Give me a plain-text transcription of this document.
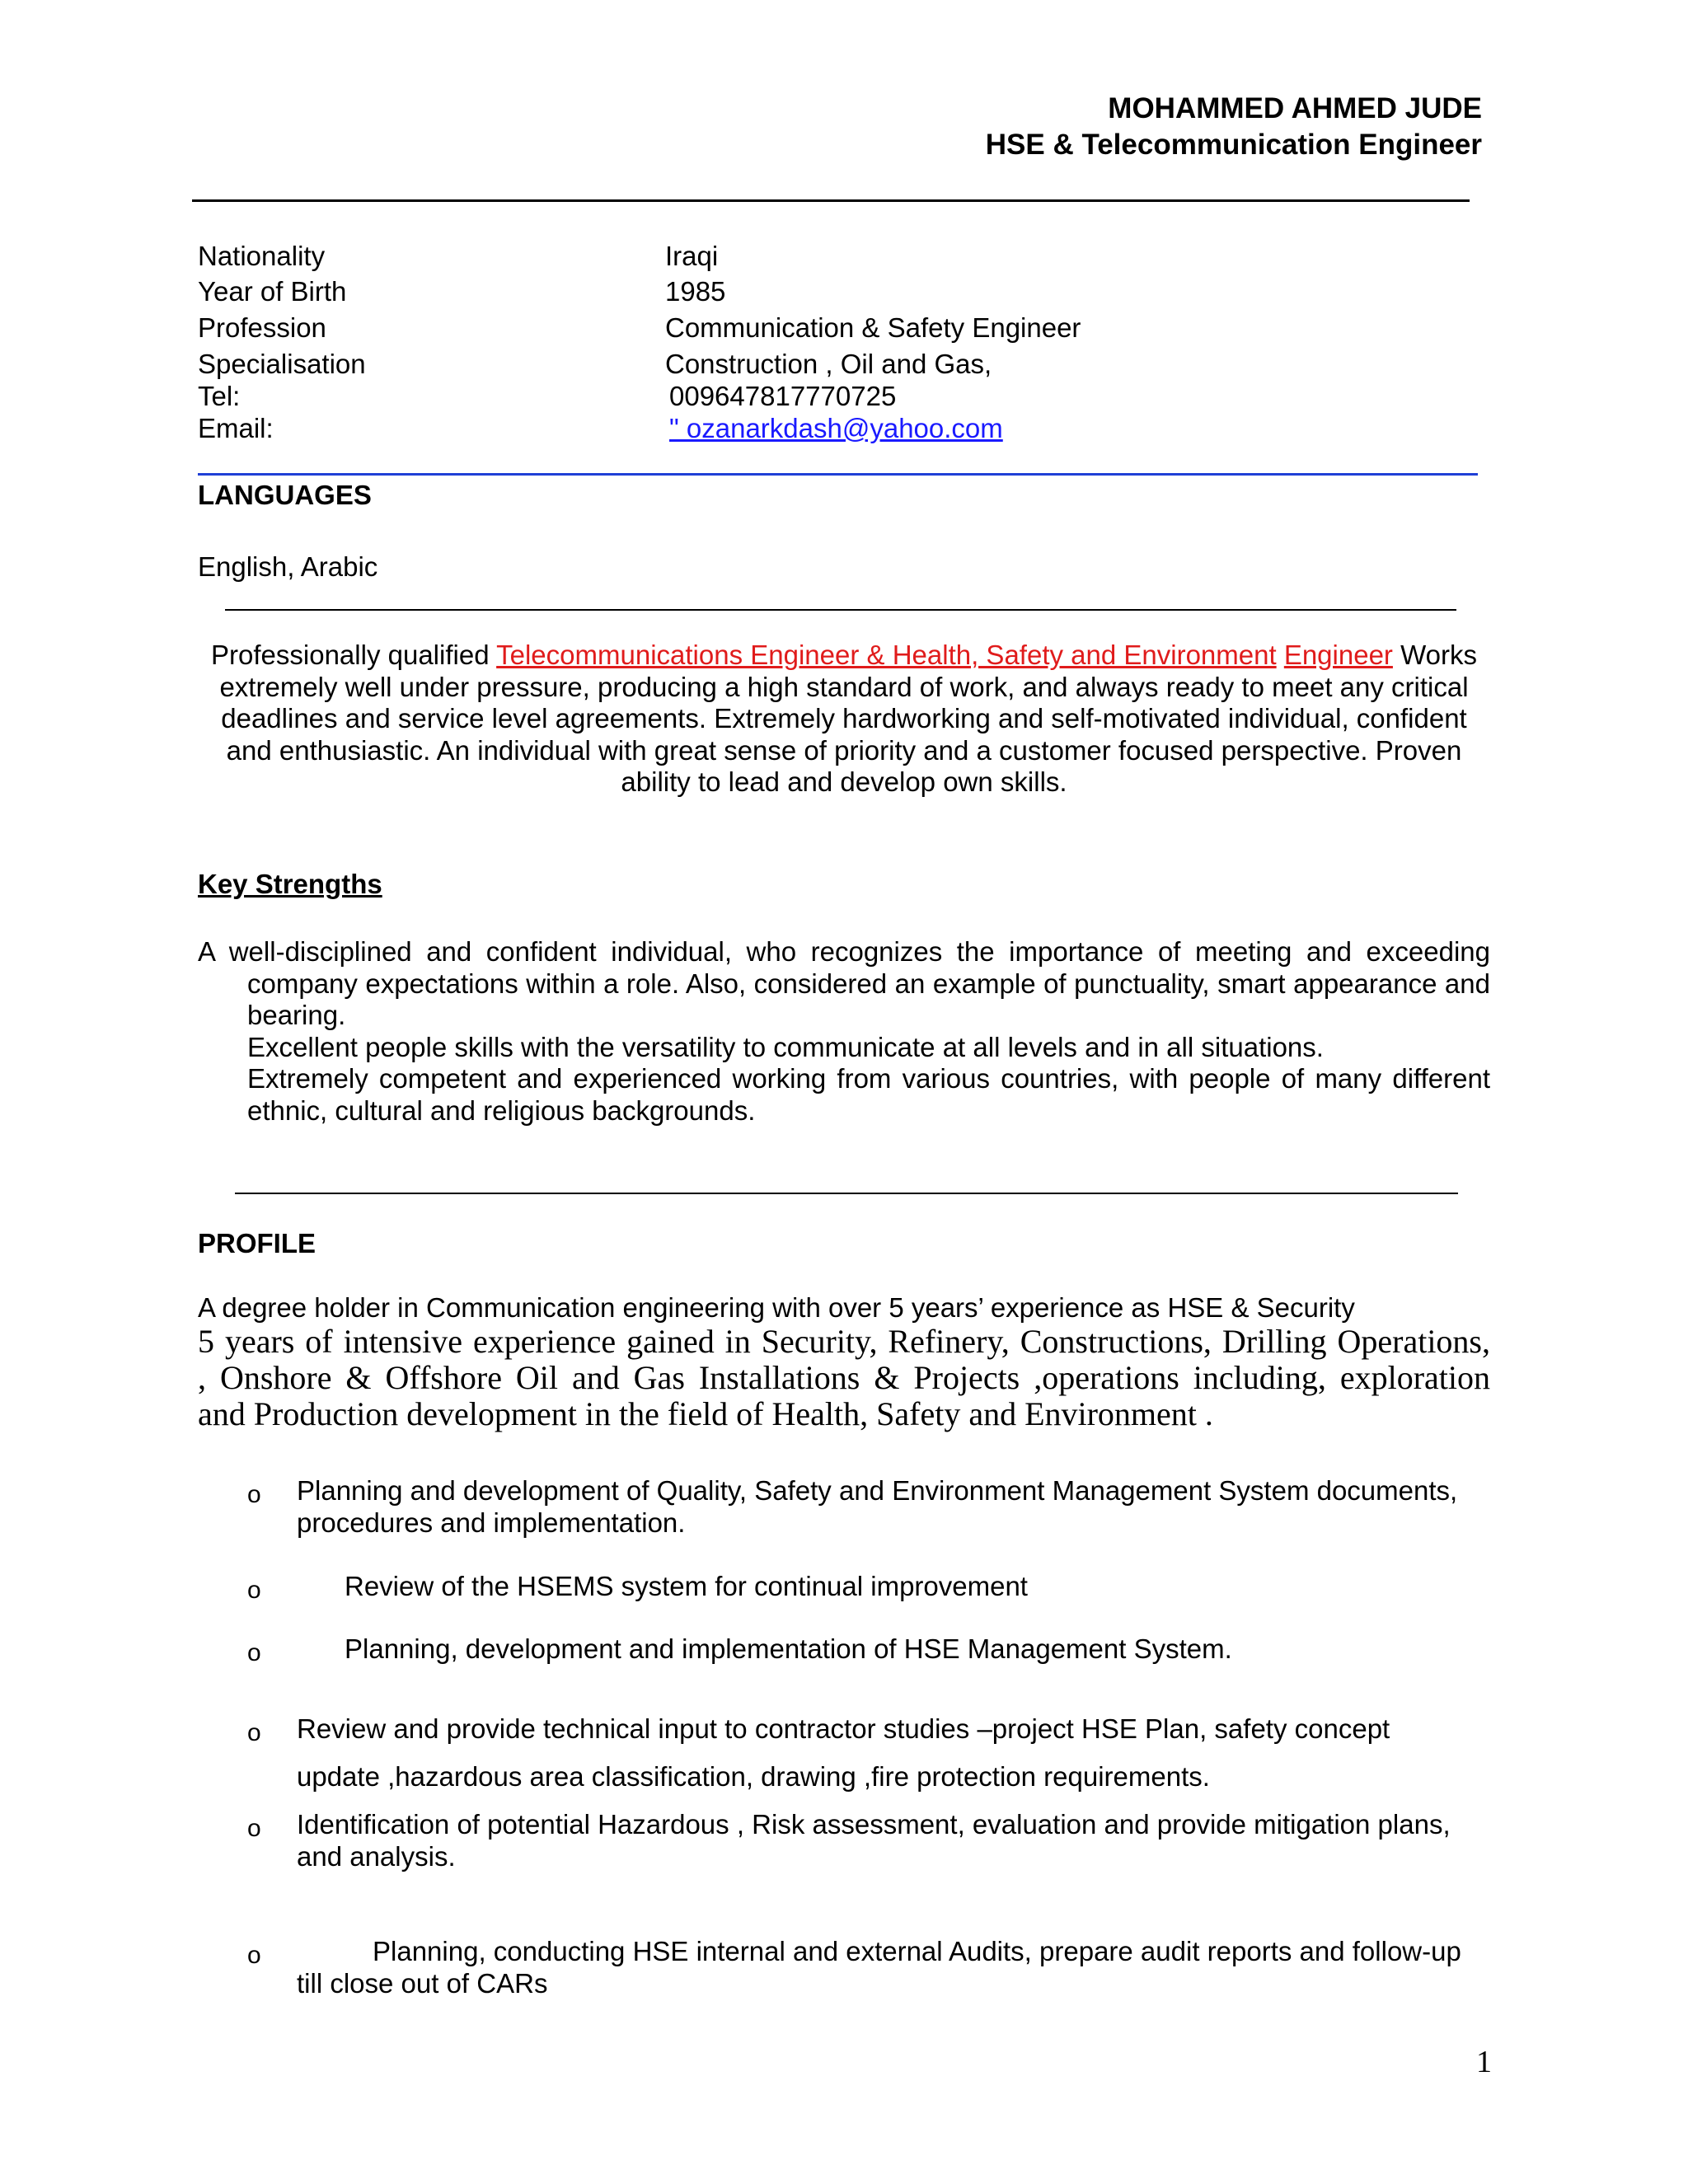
MOHAMMED AHMED JUDE
HSE & Telecommunication Engineer
Nationality	Iraqi
Year of Birth	1985
Profession	Communication & Safety Engineer
Specialisation	Construction , Oil and Gas,
Tel:	009647817770725
Email:	" ozanarkdash@yahoo.com
LANGUAGES
English, Arabic
Professionally qualified Telecommunications Engineer & Health, Safety and Environment Engineer Works extremely well under pressure, producing a high standard of work, and always ready to meet any critical deadlines and service level agreements. Extremely hardworking and self-motivated individual, confident and enthusiastic. An individual with great sense of priority and a customer focused perspective. Proven ability to lead and develop own skills.
Key Strengths

A well-disciplined and confident individual, who recognizes the importance of meeting and exceeding company expectations within a role. Also, considered an example of punctuality, smart appearance and bearing.

Excellent people skills with the versatility to communicate at all levels and in all situations.

Extremely competent and experienced working from various countries, with people of many different ethnic, cultural and religious backgrounds.

PROFILE
A degree holder in Communication engineering with over 5 years’ experience as HSE & Security
5 years of intensive experience gained in Security, Refinery, Constructions, Drilling Operations,
, Onshore & Offshore Oil and Gas Installations & Projects ,operations including, exploration
and Production development in the field of Health, Safety and Environment .
o Planning and development of Quality, Safety and Environment Management System documents, procedures and implementation.
o	Review of the HSEMS system for continual improvement
o	Planning, development and implementation of HSE Management System.
o Review and provide technical input to contractor studies –project HSE Plan, safety concept
update ,hazardous area classification, drawing ,fire protection requirements.
o Identification of potential Hazardous , Risk assessment, evaluation and provide mitigation plans, and analysis.
o	Planning, conducting HSE internal and external Audits, prepare audit reports and follow-up
till close out of CARs
1
